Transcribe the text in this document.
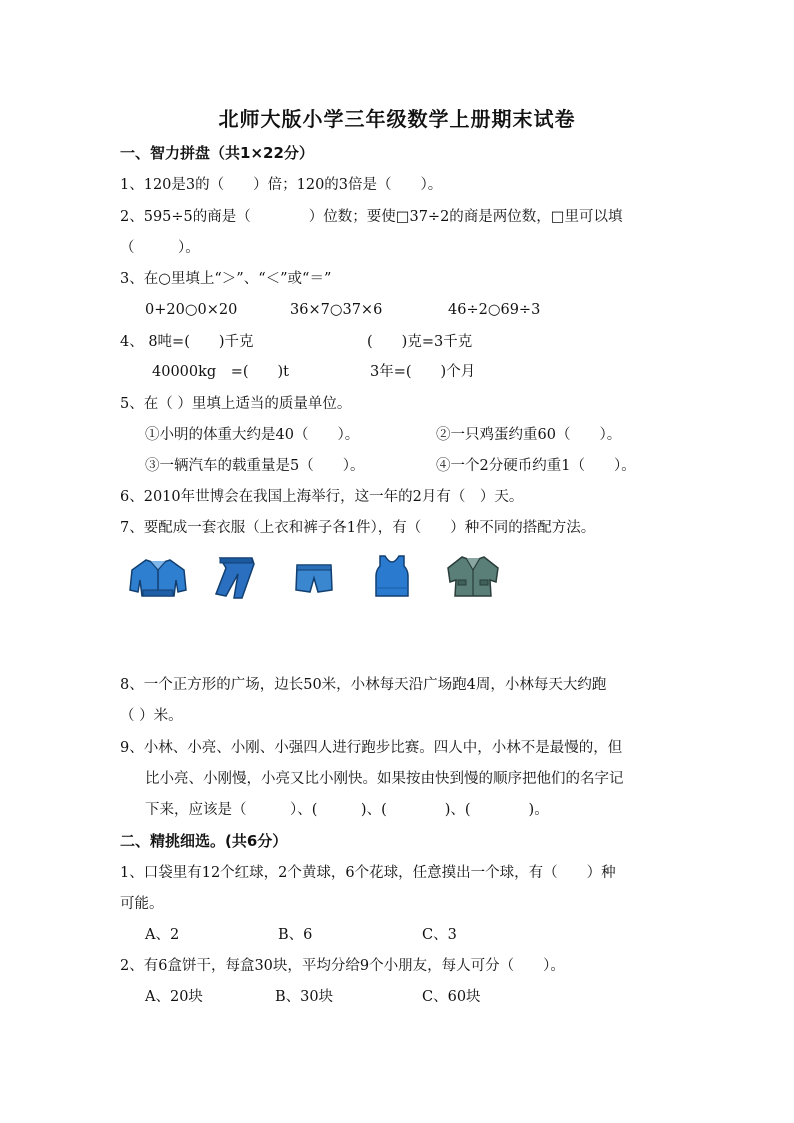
北师大版小学三年级数学上册期末试卷
一、智力拼盘（共1×22分）
1、120是3的（　　）倍；120的3倍是（　　）。
2、595÷5的商是（　　　　）位数；要使□37÷2的商是两位数，□里可以填
（　　　）。
3、在○里填上“＞”、“＜”或“＝”
0+20○0×20	36×7○37×6	46÷2○69÷3
4、 8吨=(　　)千克	(　　)克=3千克
40000kg　=(　　)t	3年=(　　)个月
5、在（ ）里填上适当的质量单位。
①小明的体重大约是40（　　）。	②一只鸡蛋约重60（　　）。
③一辆汽车的载重量是5（　　）。	④一个2分硬币约重1（　　）。
6、2010年世博会在我国上海举行，这一年的2月有（　）天。
7、要配成一套衣服（上衣和裤子各1件），有（　　）种不同的搭配方法。
8、一个正方形的广场，边长50米，小林每天沿广场跑4周，小林每天大约跑
（ ）米。
9、小林、小亮、小刚、小强四人进行跑步比赛。四人中，小林不是最慢的，但
比小亮、小刚慢，小亮又比小刚快。如果按由快到慢的顺序把他们的名字记
下来，应该是（　　　）、(　　　)、(　　　　)、(　　　　)。
二、精挑细选。(共6分）
1、口袋里有12个红球，2个黄球，6个花球，任意摸出一个球，有（　　）种
可能。
A、2	B、6	C、3
2、有6盒饼干，每盒30块，平均分给9个小朋友，每人可分（　　）。
A、20块	B、30块	C、60块
